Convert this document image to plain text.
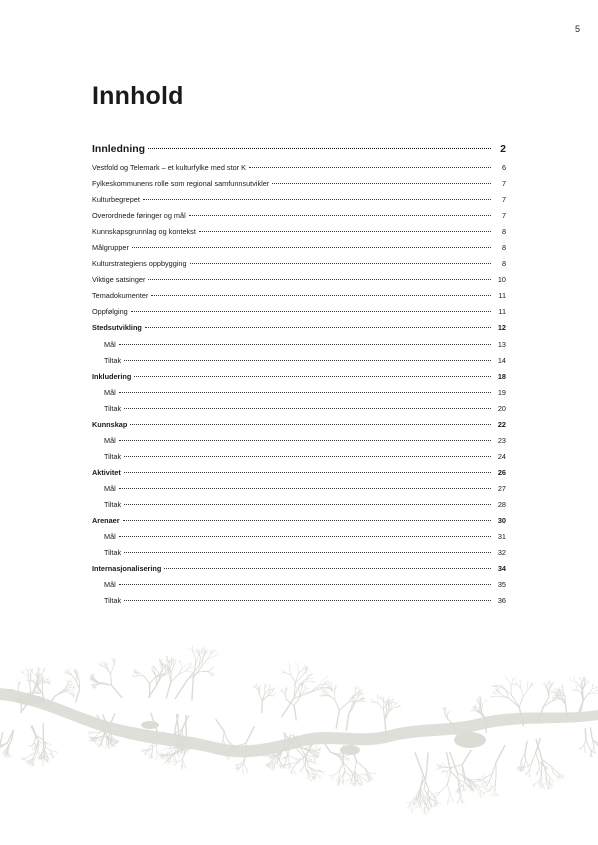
5
Innhold
Innledning	2
Vestfold og Telemark – et kulturfylke med stor K	6
Fylkeskommunens rolle som regional samfunnsutvikler	7
Kulturbegrepet	7
Overordnede føringer og mål	7
Kunnskapsgrunnlag og kontekst	8
Målgrupper	8
Kulturstrategiens oppbygging	8
Viktige satsinger	10
Temadokumenter	11
Oppfølging	11
Stedsutvikling	12
Mål	13
Tiltak	14
Inkludering	18
Mål	19
Tiltak	20
Kunnskap	22
Mål	23
Tiltak	24
Aktivitet	26
Mål	27
Tiltak	28
Arenaer	30
Mål	31
Tiltak	32
Internasjonalisering	34
Mål	35
Tiltak	36
